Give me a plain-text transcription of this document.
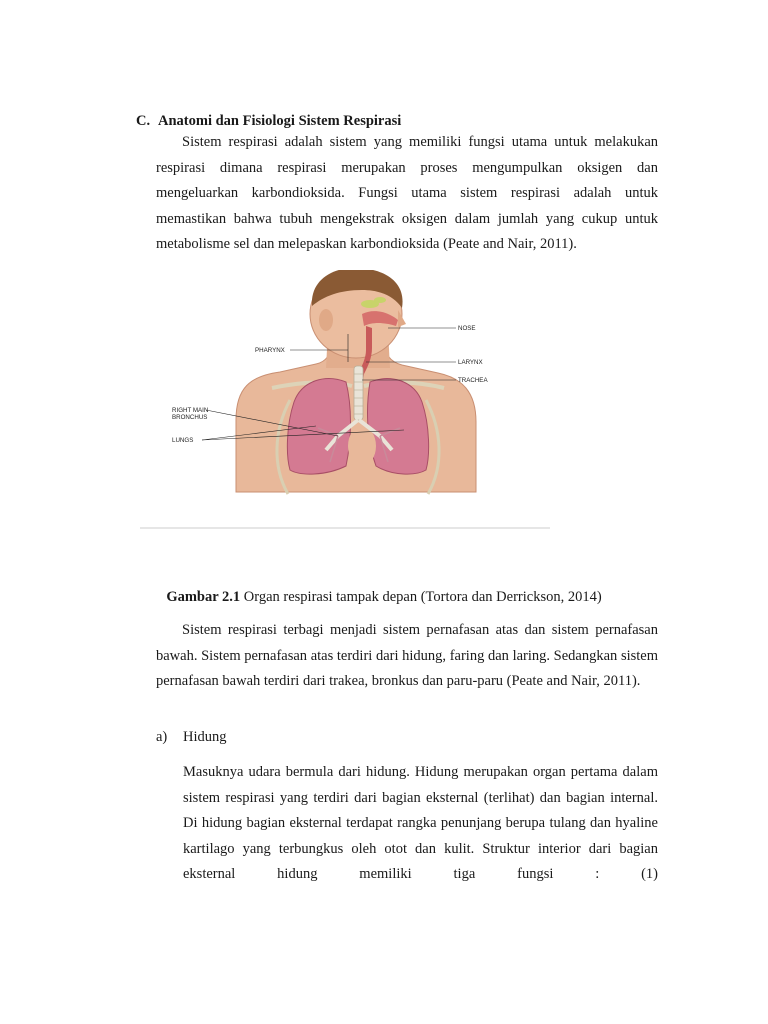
C. Anatomi dan Fisiologi Sistem Respirasi

Sistem respirasi adalah sistem yang memiliki fungsi utama untuk melakukan respirasi dimana respirasi merupakan proses mengumpulkan oksigen dan mengeluarkan karbondioksida. Fungsi utama sistem respirasi adalah untuk memastikan bahwa tubuh mengekstrak oksigen dalam jumlah yang cukup untuk metabolisme sel dan melepaskan karbondioksida (Peate and Nair, 2011).

NOSE
PHARYNX
LARYNX
TRACHEA
RIGHT MAIN
BRONCHUS
LUNGS
Gambar 2.1 Organ respirasi tampak depan (Tortora dan Derrickson, 2014)

Sistem respirasi terbagi menjadi sistem pernafasan atas dan sistem pernafasan bawah. Sistem pernafasan atas terdiri dari hidung, faring dan laring. Sedangkan sistem pernafasan bawah terdiri dari trakea, bronkus dan paru-paru (Peate and Nair, 2011).

a) Hidung

Masuknya udara bermula dari hidung. Hidung merupakan organ pertama dalam sistem respirasi yang terdiri dari bagian eksternal (terlihat) dan bagian internal. Di hidung bagian eksternal terdapat rangka penunjang berupa tulang dan hyaline kartilago yang terbungkus oleh otot dan kulit. Struktur interior dari bagian eksternal hidung memiliki tiga fungsi : (1)
